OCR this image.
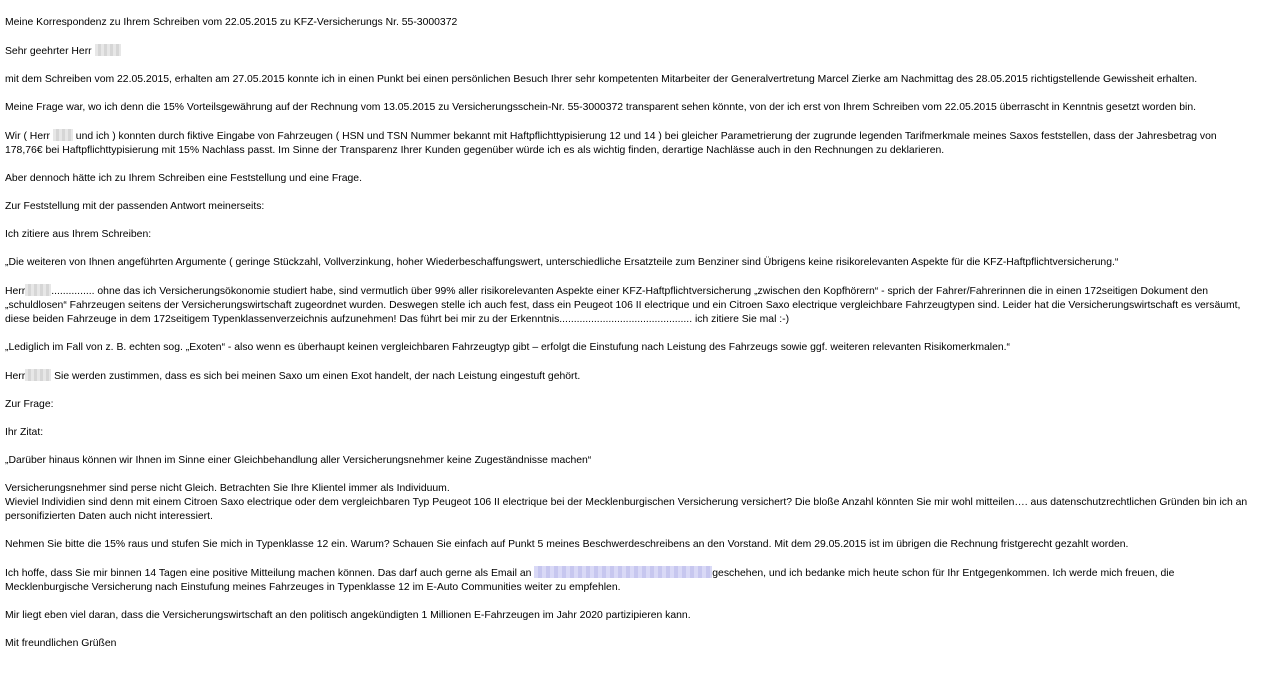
Meine Korrespondenz zu Ihrem Schreiben vom 22.05.2015 zu KFZ-Versicherungs Nr. 55-3000372

Sehr geehrter Herr

mit dem Schreiben vom 22.05.2015, erhalten am 27.05.2015 konnte ich in einen Punkt bei einen persönlichen Besuch Ihrer sehr kompetenten Mitarbeiter der Generalvertretung Marcel Zierke am Nachmittag des 28.05.2015 richtigstellende Gewissheit erhalten.

Meine Frage war, wo ich denn die 15% Vorteilsgewährung auf der Rechnung vom 13.05.2015 zu Versicherungsschein-Nr. 55-3000372 transparent sehen könnte, von der ich erst von Ihrem Schreiben vom 22.05.2015 überrascht in Kenntnis gesetzt worden bin.

Wir ( Herr  und ich ) konnten durch fiktive Eingabe von Fahrzeugen ( HSN und TSN Nummer bekannt mit Haftpflichttypisierung 12 und 14 ) bei gleicher Parametrierung der zugrunde legenden Tarifmerkmale meines Saxos feststellen, dass der Jahresbetrag von 178,76€ bei Haftpflichttypisierung mit 15% Nachlass passt. Im Sinne der Transparenz Ihrer Kunden gegenüber würde ich es als wichtig finden, derartige Nachlässe auch in den Rechnungen zu deklarieren.

Aber dennoch hätte ich zu Ihrem Schreiben eine Feststellung und eine Frage.

Zur Feststellung mit der passenden Antwort meinerseits:

Ich zitiere aus Ihrem Schreiben:

„Die weiteren von Ihnen angeführten Argumente ( geringe Stückzahl, Vollverzinkung, hoher Wiederbeschaffungswert, unterschiedliche Ersatzteile zum Benziner sind Übrigens keine risikorelevanten Aspekte für die KFZ-Haftpflichtversicherung.“

Herr	............... ohne das ich Versicherungsökonomie studiert habe, sind vermutlich über 99% aller risikorelevanten Aspekte einer KFZ-Haftpflichtversicherung „zwischen den Kopfhörern“ - sprich der Fahrer/Fahrerinnen die in einen 172seitigen Dokument den „schuldlosen“ Fahrzeugen seitens der Versicherungswirtschaft zugeordnet wurden. Deswegen stelle ich auch fest, dass ein Peugeot 106 II electrique und ein Citroen Saxo electrique vergleichbare Fahrzeugtypen sind. Leider hat die Versicherungswirtschaft es versäumt, diese beiden Fahrzeuge in dem 172seitigem Typenklassenverzeichnis aufzunehmen! Das führt bei mir zu der Erkenntnis.............................................. ich zitiere Sie mal :-)

„Lediglich im Fall von z. B. echten sog. „Exoten“ - also wenn es überhaupt keinen vergleichbaren Fahrzeugtyp gibt – erfolgt die Einstufung nach Leistung des Fahrzeugs sowie ggf. weiteren relevanten Risikomerkmalen.“

Herr	Sie werden zustimmen, dass es sich bei meinen Saxo um einen Exot handelt, der nach Leistung eingestuft gehört.

Zur Frage:

Ihr Zitat:

„Darüber hinaus können wir Ihnen im Sinne einer Gleichbehandlung aller Versicherungsnehmer keine Zugeständnisse machen“

Versicherungsnehmer sind perse nicht Gleich. Betrachten Sie Ihre Klientel immer als Individuum.

Wieviel Individien sind denn mit einem Citroen Saxo electrique oder dem vergleichbaren Typ Peugeot 106 II electrique bei der Mecklenburgischen Versicherung versichert? Die bloße Anzahl könnten Sie mir wohl mitteilen…. aus datenschutzrechtlichen Gründen bin ich an personifizierten Daten auch nicht interessiert.

Nehmen Sie bitte die 15% raus und stufen Sie mich in Typenklasse 12 ein. Warum? Schauen Sie einfach auf Punkt 5 meines Beschwerdeschreibens an den Vorstand. Mit dem 29.05.2015 ist im übrigen die Rechnung fristgerecht gezahlt worden.

Ich hoffe, dass Sie mir binnen 14 Tagen eine positive Mitteilung machen können. Das darf auch gerne als Email an	geschehen, und ich bedanke mich heute schon für Ihr Entgegenkommen. Ich werde mich freuen, die Mecklenburgische Versicherung nach Einstufung meines Fahrzeuges in Typenklasse 12 im E-Auto Communities weiter zu empfehlen.

Mir liegt eben viel daran, dass die Versicherungswirtschaft an den politisch angekündigten 1 Millionen E-Fahrzeugen im Jahr 2020 partizipieren kann.

Mit freundlichen Grüßen
